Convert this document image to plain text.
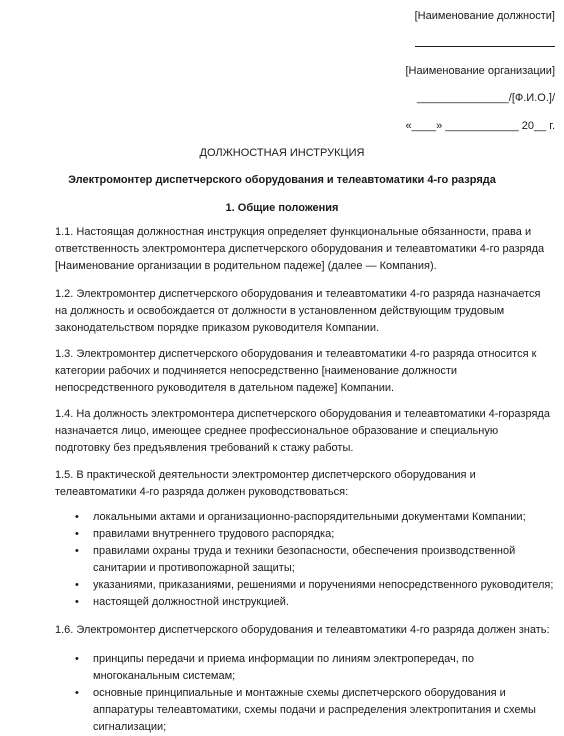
[Наименование должности]
[Наименование организации]
_______________/[Ф.И.О.]/
«____» ____________ 20__ г.
ДОЛЖНОСТНАЯ ИНСТРУКЦИЯ
Электромонтер диспетчерского оборудования и телеавтоматики 4-го разряда
1. Общие положения

1.1. Настоящая должностная инструкция определяет функциональные обязанности, права и ответственность электромонтера диспетчерского оборудования и телеавтоматики 4-го разряда [Наименование организации в родительном падеже] (далее — Компания).

1.2. Электромонтер диспетчерского оборудования и телеавтоматики 4-го разряда назначается на должность и освобождается от должности в установленном действующим трудовым законодательством порядке приказом руководителя Компании.

1.3. Электромонтер диспетчерского оборудования и телеавтоматики 4-го разряда относится к категории рабочих и подчиняется непосредственно [наименование должности непосредственного руководителя в дательном падеже] Компании.

1.4. На должность электромонтера диспетчерского оборудования и телеавтоматики 4-горазряда назначается лицо, имеющее среднее профессиональное образование и специальную подготовку без предъявления требований к стажу работы.

1.5. В практической деятельности электромонтер диспетчерского оборудования и телеавтоматики 4-го разряда должен руководствоваться:

• локальными актами и организационно-распорядительными документами Компании;
• правилами внутреннего трудового распорядка;
• правилами охраны труда и техники безопасности, обеспечения производственной санитарии и противопожарной защиты;
• указаниями, приказаниями, решениями и поручениями непосредственного руководителя;
• настоящей должностной инструкцией.

1.6. Электромонтер диспетчерского оборудования и телеавтоматики 4-го разряда должен знать:

• принципы передачи и приема информации по линиям электропередач, по многоканальным системам;
• основные принципиальные и монтажные схемы диспетчерского оборудования и аппаратуры телеавтоматики, схемы подачи и распределения электропитания и схемы сигнализации;
